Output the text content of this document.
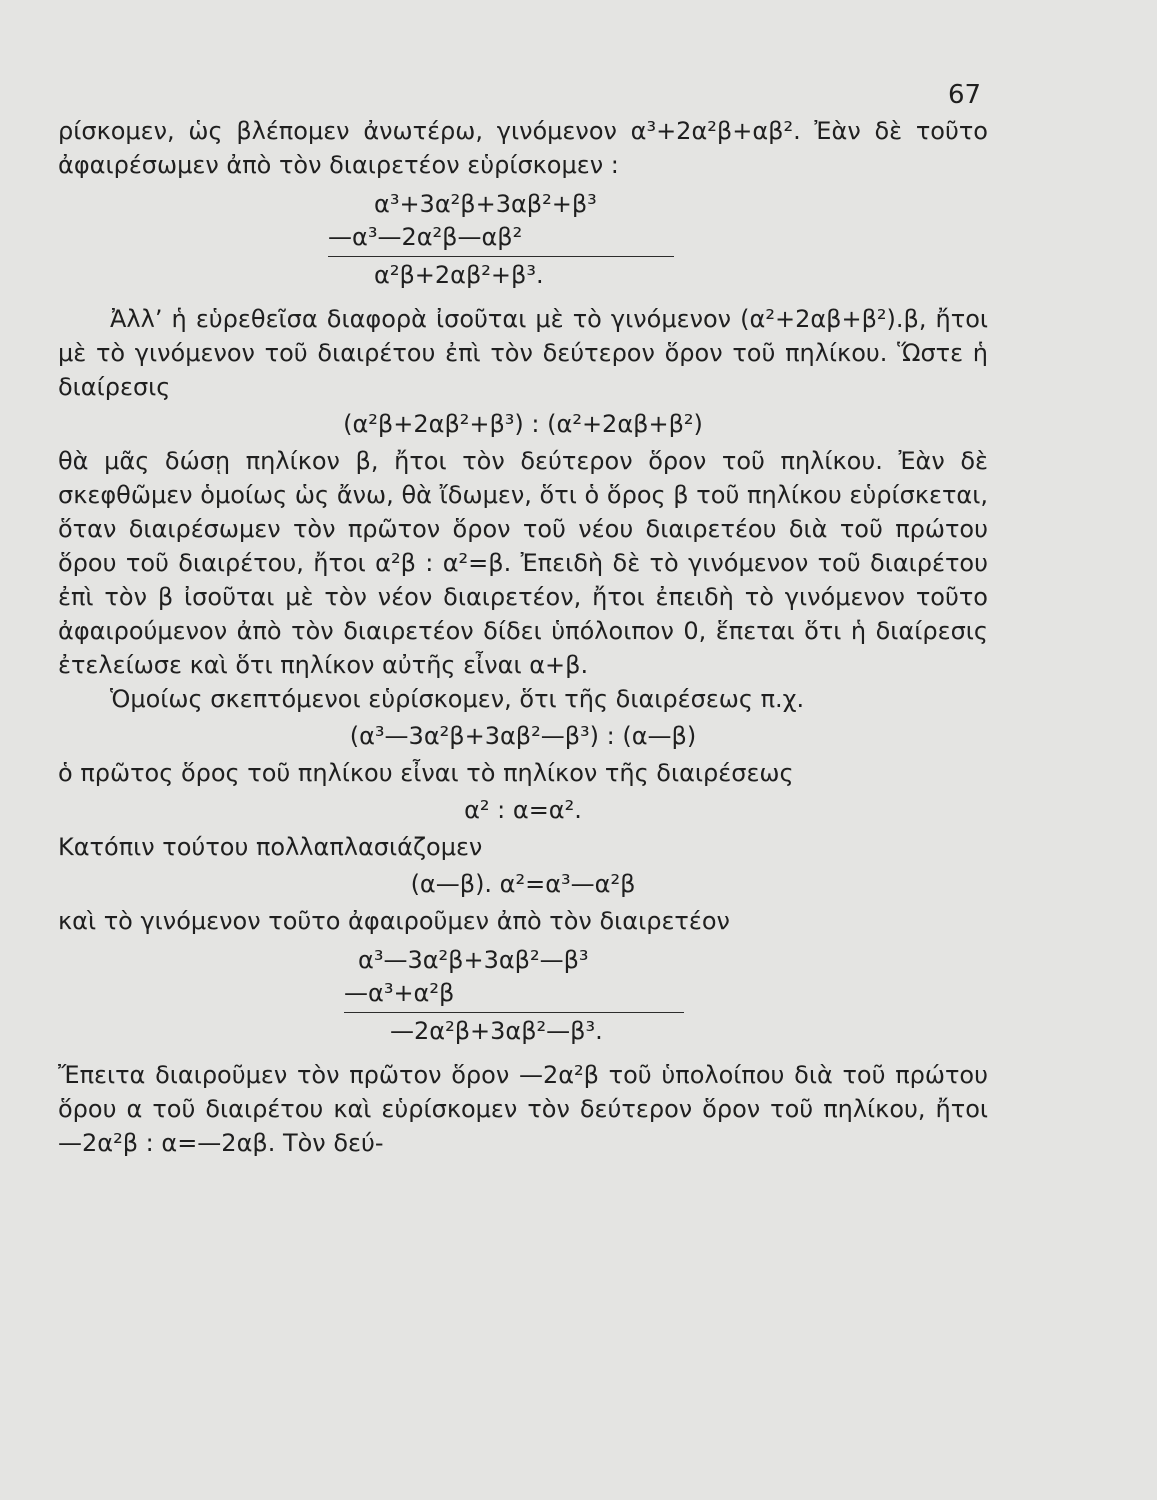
67

ρίσκομεν, ὡς βλέπομεν ἀνωτέρω, γινόμενον α³+2α²β+αβ². Ἐὰν δὲ τοῦτο ἀφαιρέσωμεν ἀπὸ τὸν διαιρετέον εὑρίσκομεν :

α³+3α²β+3αβ²+β³
—α³—2α²β—αβ²
α²β+2αβ²+β³.

Ἀλλ’ ἡ εὑρεθεῖσα διαφορὰ ἰσοῦται μὲ τὸ γινόμενον (α²+2αβ+β²).β, ἤτοι μὲ τὸ γινόμενον τοῦ διαιρέτου ἐπὶ τὸν δεύτερον ὅρον τοῦ πηλίκου. Ὥστε ἡ διαίρεσις

(α²β+2αβ²+β³) : (α²+2αβ+β²)

θὰ μᾶς δώσῃ πηλίκον β, ἤτοι τὸν δεύτερον ὅρον τοῦ πηλίκου. Ἐὰν δὲ σκεφθῶμεν ὁμοίως ὡς ἄνω, θὰ ἴδωμεν, ὅτι ὁ ὅρος β τοῦ πηλίκου εὑρίσκεται, ὅταν διαιρέσωμεν τὸν πρῶτον ὅρον τοῦ νέου διαιρετέου διὰ τοῦ πρώτου ὅρου τοῦ διαιρέτου, ἤτοι α²β : α²=β. Ἐπειδὴ δὲ τὸ γινόμενον τοῦ διαιρέτου ἐπὶ τὸν β ἰσοῦται μὲ τὸν νέον διαιρετέον, ἤτοι ἐπειδὴ τὸ γινόμενον τοῦτο ἀφαιρούμενον ἀπὸ τὸν διαιρετέον δίδει ὑπόλοιπον 0, ἕπεται ὅτι ἡ διαίρεσις ἐτελείωσε καὶ ὅτι πηλίκον αὐτῆς εἶναι α+β.

Ὁμοίως σκεπτόμενοι εὑρίσκομεν, ὅτι τῆς διαιρέσεως π.χ.

(α³—3α²β+3αβ²—β³) : (α—β)

ὁ πρῶτος ὅρος τοῦ πηλίκου εἶναι τὸ πηλίκον τῆς διαιρέσεως

α² : α=α².

Κατόπιν τούτου πολλαπλασιάζομεν

(α—β). α²=α³—α²β

καὶ τὸ γινόμενον τοῦτο ἀφαιροῦμεν ἀπὸ τὸν διαιρετέον

α³—3α²β+3αβ²—β³
—α³+α²β
—2α²β+3αβ²—β³.

Ἔπειτα διαιροῦμεν τὸν πρῶτον ὅρον —2α²β τοῦ ὑπολοίπου διὰ τοῦ πρώτου ὅρου α τοῦ διαιρέτου καὶ εὑρίσκομεν τὸν δεύτερον ὅρον τοῦ πηλίκου, ἤτοι —2α²β : α=—2αβ. Τὸν δεύ-
